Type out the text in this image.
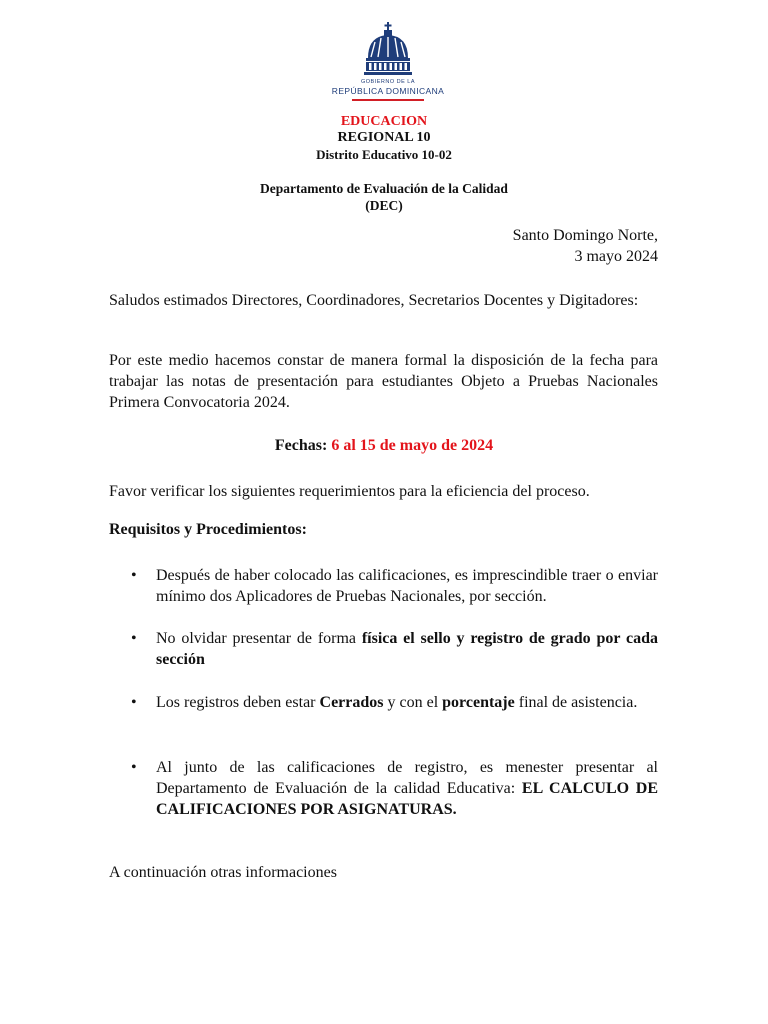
GOBIERNO DE LA
REPÚBLICA DOMINICANA
EDUCACION
REGIONAL 10
Distrito Educativo 10-02
Departamento de Evaluación de la Calidad
(DEC)
Santo Domingo Norte,
3 mayo 2024
Saludos estimados Directores, Coordinadores, Secretarios Docentes y Digitadores:
Por este medio hacemos constar de manera formal la disposición de la fecha para trabajar las notas de presentación para estudiantes Objeto a Pruebas Nacionales Primera Convocatoria 2024.
Fechas: 6 al 15 de mayo de 2024
Favor verificar los siguientes requerimientos para la eficiencia del proceso.
Requisitos y Procedimientos:
•	Después de haber colocado las calificaciones, es imprescindible traer o enviar mínimo dos Aplicadores de Pruebas Nacionales, por sección.
•	No olvidar presentar de forma física el sello y registro de grado por cada sección
•	Los registros deben estar Cerrados y con el porcentaje final de asistencia.
•	Al junto de las calificaciones de registro, es menester presentar al Departamento de Evaluación de la calidad Educativa: EL CALCULO DE CALIFICACIONES POR ASIGNATURAS.
A continuación otras informaciones
